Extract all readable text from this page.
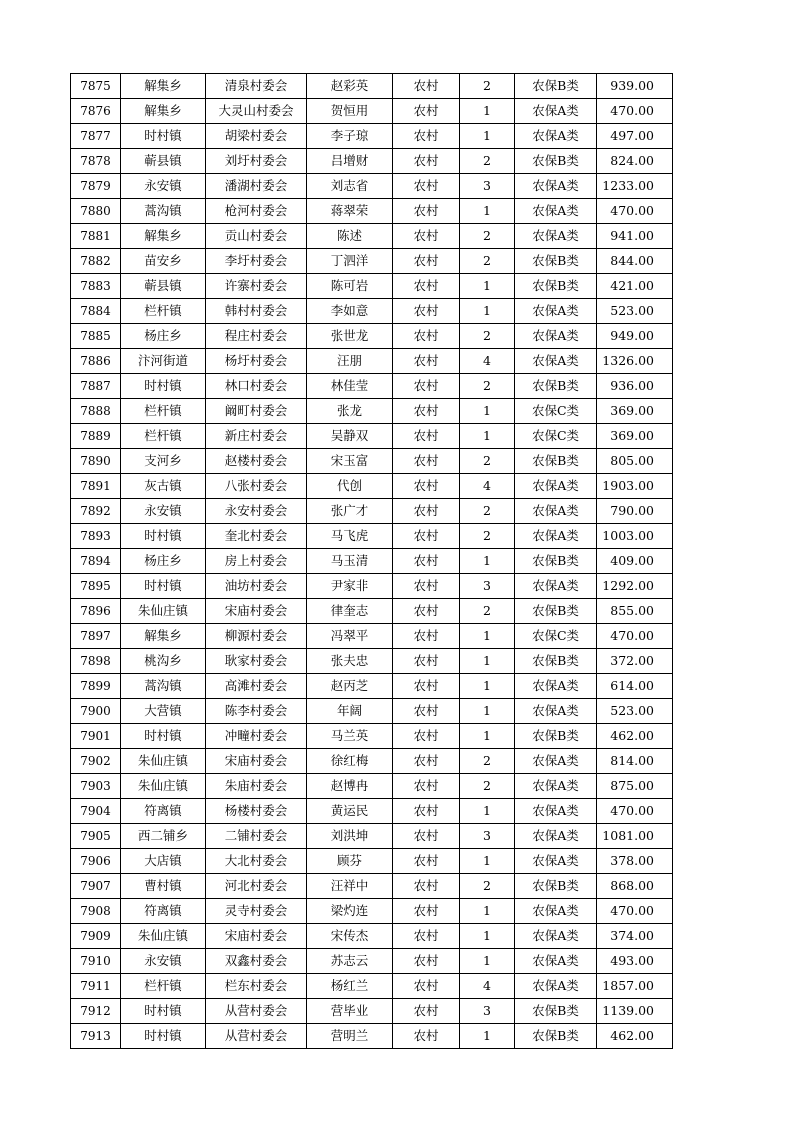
7875	解集乡	清泉村委会	赵彩英	农村	2	农保B类	939.00
7876	解集乡	大灵山村委会	贺恒用	农村	1	农保A类	470.00
7877	时村镇	胡梁村委会	李子琼	农村	1	农保A类	497.00
7878	蕲县镇	刘圩村委会	吕增财	农村	2	农保B类	824.00
7879	永安镇	潘湖村委会	刘志省	农村	3	农保A类	1233.00
7880	蒿沟镇	枪河村委会	蒋翠荣	农村	1	农保A类	470.00
7881	解集乡	贡山村委会	陈述	农村	2	农保A类	941.00
7882	苗安乡	李圩村委会	丁泗洋	农村	2	农保B类	844.00
7883	蕲县镇	许寨村委会	陈可岩	农村	1	农保B类	421.00
7884	栏杆镇	韩村村委会	李如意	农村	1	农保A类	523.00
7885	杨庄乡	程庄村委会	张世龙	农村	2	农保A类	949.00
7886	汴河街道	杨圩村委会	汪朋	农村	4	农保A类	1326.00
7887	时村镇	林口村委会	林佳莹	农村	2	农保B类	936.00
7888	栏杆镇	阚町村委会	张龙	农村	1	农保C类	369.00
7889	栏杆镇	新庄村委会	吴静双	农村	1	农保C类	369.00
7890	支河乡	赵楼村委会	宋玉富	农村	2	农保B类	805.00
7891	灰古镇	八张村委会	代创	农村	4	农保A类	1903.00
7892	永安镇	永安村委会	张广才	农村	2	农保A类	790.00
7893	时村镇	奎北村委会	马飞虎	农村	2	农保A类	1003.00
7894	杨庄乡	房上村委会	马玉清	农村	1	农保B类	409.00
7895	时村镇	油坊村委会	尹家非	农村	3	农保A类	1292.00
7896	朱仙庄镇	宋庙村委会	律奎志	农村	2	农保B类	855.00
7897	解集乡	柳源村委会	冯翠平	农村	1	农保C类	470.00
7898	桃沟乡	耿家村委会	张夫忠	农村	1	农保B类	372.00
7899	蒿沟镇	高滩村委会	赵丙芝	农村	1	农保A类	614.00
7900	大营镇	陈李村委会	年阔	农村	1	农保A类	523.00
7901	时村镇	冲疃村委会	马兰英	农村	1	农保B类	462.00
7902	朱仙庄镇	宋庙村委会	徐红梅	农村	2	农保A类	814.00
7903	朱仙庄镇	朱庙村委会	赵博冉	农村	2	农保A类	875.00
7904	符离镇	杨楼村委会	黄运民	农村	1	农保A类	470.00
7905	西二铺乡	二铺村委会	刘洪坤	农村	3	农保A类	1081.00
7906	大店镇	大北村委会	顾芬	农村	1	农保A类	378.00
7907	曹村镇	河北村委会	汪祥中	农村	2	农保B类	868.00
7908	符离镇	灵寺村委会	梁灼连	农村	1	农保A类	470.00
7909	朱仙庄镇	宋庙村委会	宋传杰	农村	1	农保A类	374.00
7910	永安镇	双鑫村委会	苏志云	农村	1	农保A类	493.00
7911	栏杆镇	栏东村委会	杨红兰	农村	4	农保A类	1857.00
7912	时村镇	从营村委会	营毕业	农村	3	农保B类	1139.00
7913	时村镇	从营村委会	营明兰	农村	1	农保B类	462.00
